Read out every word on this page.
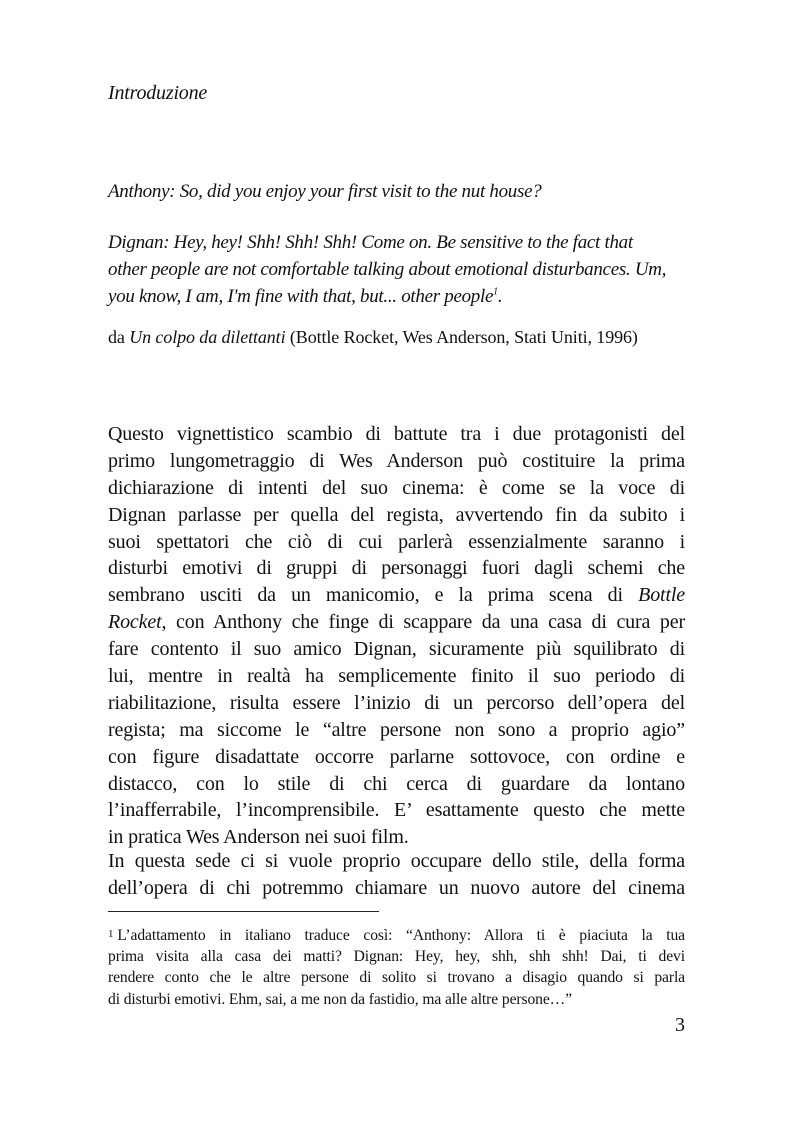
Introduzione
Anthony: So, did you enjoy your first visit to the nut house?
Dignan: Hey, hey! Shh! Shh! Shh! Come on. Be sensitive to the fact that
other people are not comfortable talking about emotional disturbances. Um,
you know, I am, I'm fine with that, but... other people$^1$.
da Un colpo da dilettanti (Bottle Rocket, Wes Anderson, Stati Uniti, 1996)
Questo vignettistico scambio di battute tra i due protagonisti del
primo lungometraggio di Wes Anderson può costituire la prima
dichiarazione di intenti del suo cinema: è come se la voce di
Dignan parlasse per quella del regista, avvertendo fin da subito i
suoi spettatori che ciò di cui parlerà essenzialmente saranno i
disturbi emotivi di gruppi di personaggi fuori dagli schemi che
sembrano usciti da un manicomio, e la prima scena di Bottle
Rocket, con Anthony che finge di scappare da una casa di cura per
fare contento il suo amico Dignan, sicuramente più squilibrato di
lui, mentre in realtà ha semplicemente finito il suo periodo di
riabilitazione, risulta essere l’inizio di un percorso dell’opera del
regista; ma siccome le “altre persone non sono a proprio agio”
con figure disadattate occorre parlarne sottovoce, con ordine e
distacco, con lo stile di chi cerca di guardare da lontano
l’inafferrabile, l’incomprensibile. E’ esattamente questo che mette
in pratica Wes Anderson nei suoi film.
In questa sede ci si vuole proprio occupare dello stile, della forma
dell’opera di chi potremmo chiamare un nuovo autore del cinema
$^1$ L’adattamento in italiano traduce così: “Anthony: Allora ti è piaciuta la tua
prima visita alla casa dei matti? Dignan: Hey, hey, shh, shh shh! Dai, ti devi
rendere conto che le altre persone di solito si trovano a disagio quando si parla
di disturbi emotivi. Ehm, sai, a me non da fastidio, ma alle altre persone…”
3
